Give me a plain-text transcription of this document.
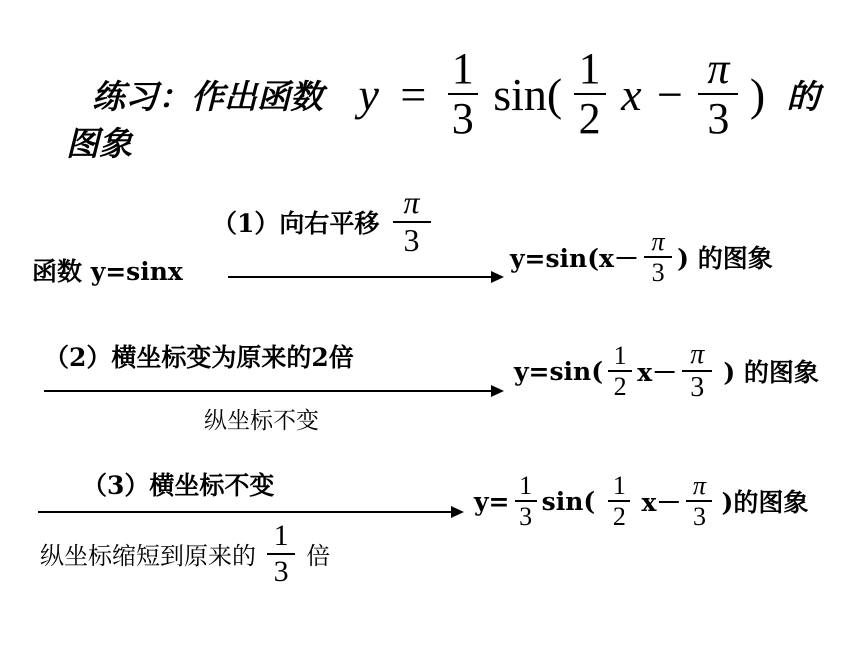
练习：作出函数 $y = \frac{1}{3} \sin( \frac{1}{2}$ $x - \frac{\pi}{3}$ ) 的
图象
（1）向右平移 $\frac{\pi}{3}$
函数 y=sinx	$y=\sin(x- \frac{\pi}{3}$ ) 的图象
（2）横坐标变为原来的2倍
纵坐标不变
$y=\sin( \frac{1}{2} x- \frac{\pi}{3}$ ) 的图象
（3）横坐标不变
纵坐标缩短到原来的 $\frac{1}{3}$ 倍
$y= \frac{1}{3} \sin( \frac{1}{2} x- \frac{\pi}{3}$ )的图象
